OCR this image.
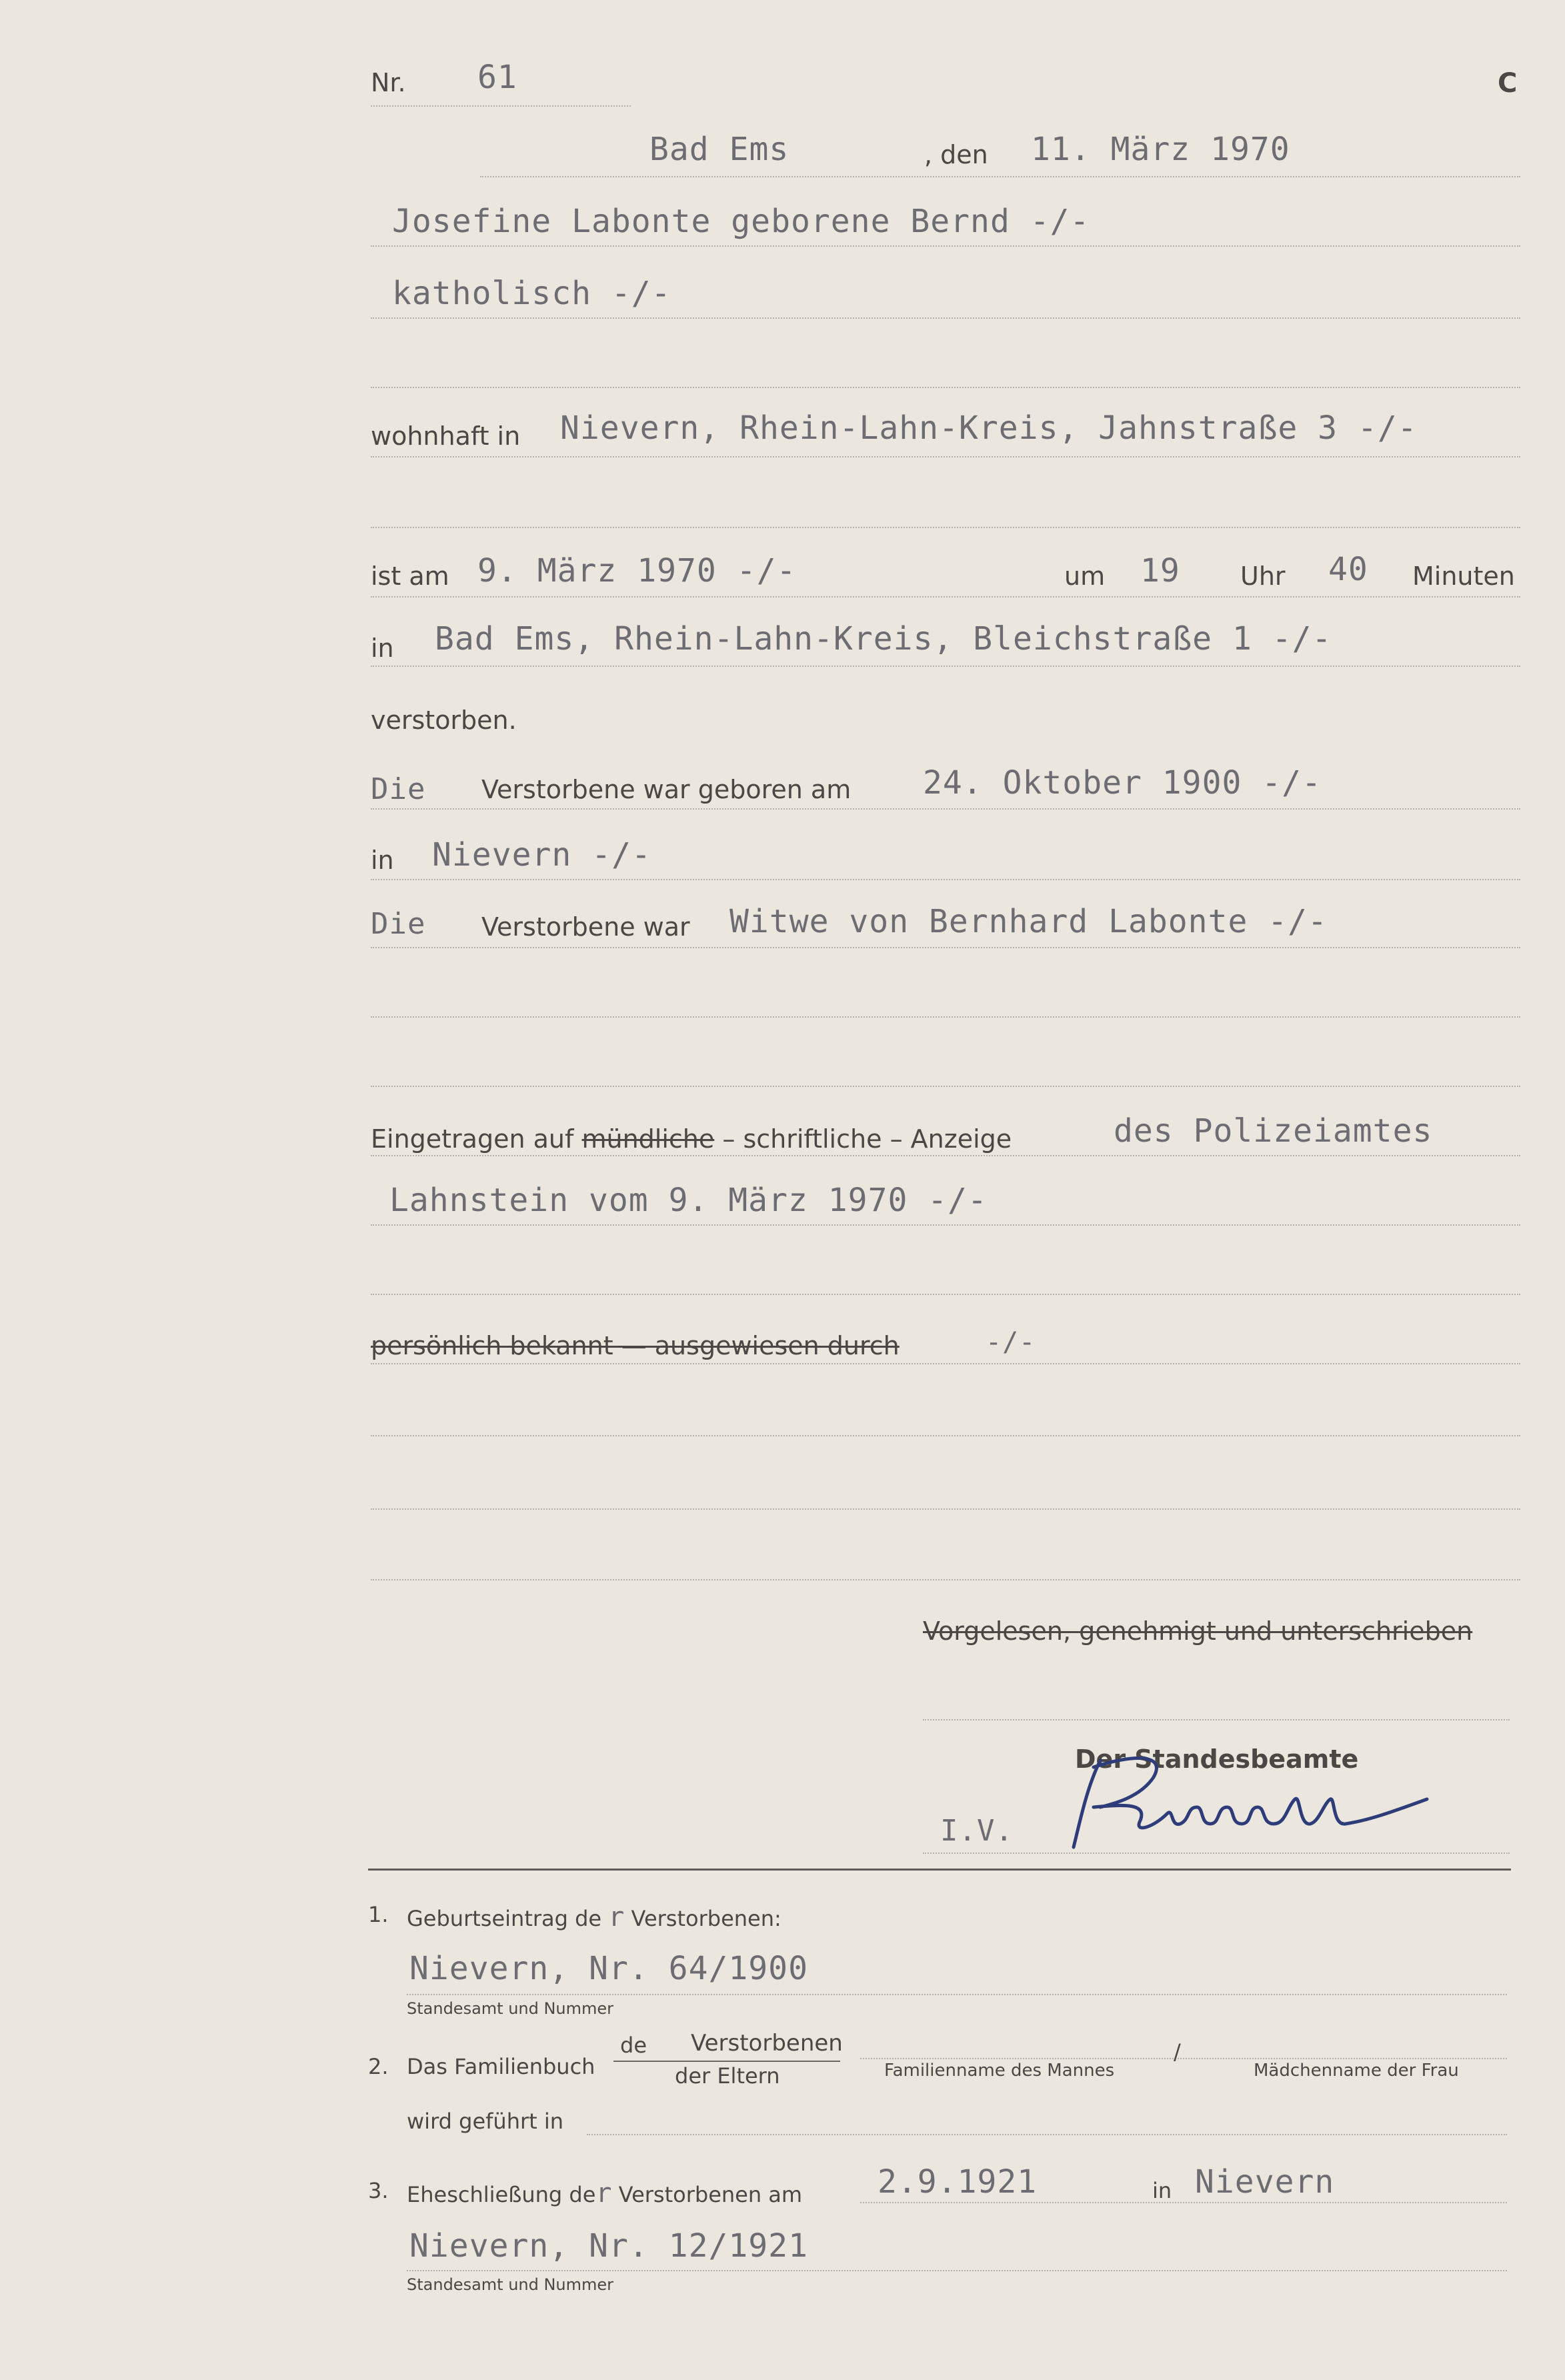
Nr. 61	C
Bad Ems	, den 11. März 1970
Josefine Labonte geborene Bernd -/-
katholisch -/-
wohnhaft in Nievern, Rhein-Lahn-Kreis, Jahnstraße 3 -/-
ist am 9. März 1970 -/-	um 19 Uhr 40 Minuten
in Bad Ems, Rhein-Lahn-Kreis, Bleichstraße 1 -/-
verstorben.
Die Verstorbene war geboren am 24. Oktober 1900 -/-
in Nievern -/-
Die Verstorbene war Witwe von Bernhard Labonte -/-
Eingetragen auf mündliche – schriftliche – Anzeige	des Polizeiamtes
Lahnstein vom 9. März 1970 -/-
persönlich bekannt — ausgewiesen durch	-/-
Vorgelesen, genehmigt und unterschrieben
Der Standesbeamte
I.V.
1. Geburtseintrag de r Verstorbenen:
Nievern, Nr. 64/1900
Standesamt und Nummer
2. Das Familienbuch
de Verstorbenen
der Eltern	Familienname des Mannes
/
Mädchenname der Frau
wird geführt in
3. Eheschließung der Verstorbenen am 2.9.1921	in Nievern
Nievern, Nr. 12/1921
Standesamt und Nummer
